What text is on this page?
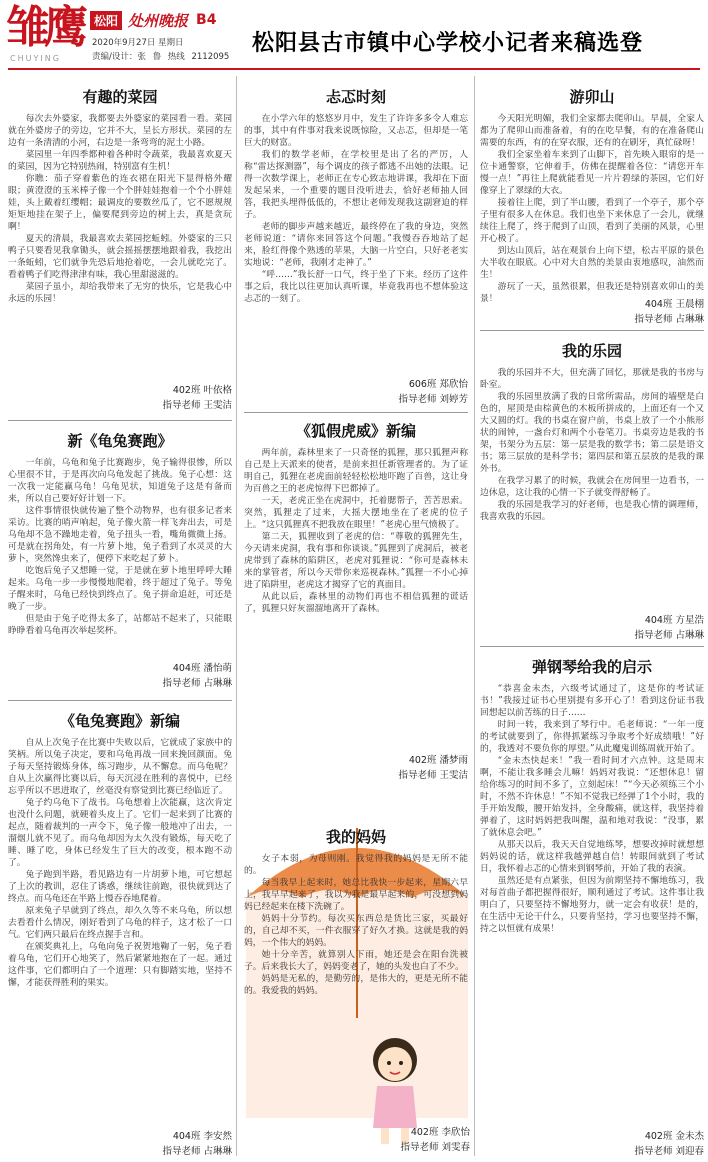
雏鹰
CHUYING
松阳 处州晚报 B4
2020年9月27日 星期日
责编/设计：张 鲁 热线 2112095
松阳县古市镇中心学校小记者来稿选登
有趣的菜园

每次去外婆家，我都要去外婆家的菜园看一看。菜园就在外婆房子的旁边，它并不大，呈长方形状。菜园的左边有一条清清的小河，右边是一条弯弯的泥土小路。

菜园里一年四季都种着各种时令蔬菜，我最喜欢夏天的菜园，因为它特别热闹，特别富有生机！

你瞧：茄子穿着紫色的连衣裙在阳光下显得格外耀眼；黄澄澄的玉米棒子像一个个胖娃娃抱着一个个小胖娃娃，头上戴着红缨帽；最调皮的要数丝瓜了，它不愿规规矩矩地挂在架子上，偏要爬到旁边的树上去，真是贪玩啊！

夏天的清晨，我最喜欢去菜园挖蚯蚓。外婆家的三只鸭子只要看见我拿锄头，就会摇摇摆摆地跟着我，我挖出一条蚯蚓，它们就争先恐后地抢着吃，一会儿就吃完了。看着鸭子们吃得津津有味，我心里甜滋滋的。

菜园子虽小，却给我带来了无穷的快乐，它是我心中永远的乐园！

402班 叶依格
指导老师 王雯洁
新《龟兔赛跑》

一年前，乌龟和兔子比赛跑步，兔子输得很惨，所以心里很不甘，于是再次向乌龟发起了挑战。兔子心想：这一次我一定能赢乌龟！乌龟见状，知道兔子这是有备而来，所以自己要好好计划一下。

这件事情很快就传遍了整个动物界，也有很多记者来采访。比赛的哨声响起，兔子像火箭一样飞奔出去，可是乌龟却不急不躁地走着，兔子扭头一看，嘴角微微上扬。可是就在拐角处，有一片萝卜地，兔子看到了水灵灵的大萝卜，突然馋虫来了，便停下来吃起了萝卜。

吃饱后兔子又想睡一觉，于是就在萝卜地里呼呼大睡起来。乌龟一步一步慢慢地爬着，终于超过了兔子。等兔子醒来时，乌龟已经快到终点了。兔子拼命追赶，可还是晚了一步。

但是由于兔子吃得太多了，站都站不起来了，只能眼睁睁看着乌龟再次举起奖杯。

404班 潘怡萌
指导老师 占琳琳
《龟兔赛跑》新编

自从上次兔子在比赛中失败以后，它就成了家族中的笑柄。所以兔子决定，要和乌龟再战一回来挽回颜面。兔子每天坚持锻炼身体，练习跑步，从不懈怠。而乌龟呢？自从上次赢得比赛以后，每天沉浸在胜利的喜悦中，已经忘乎所以不思进取了，丝毫没有察觉到比赛已经临近了。

兔子约乌龟下了战书。乌龟想着上次能赢，这次肯定也没什么问题，就硬着头皮上了。它们一起来到了比赛的起点，随着裁判的一声令下，兔子像一般地冲了出去，一溜烟儿就不见了。而乌龟却因为太久没有锻炼，每天吃了睡、睡了吃，身体已经发生了巨大的改变，根本跑不动了。

兔子跑到半路，看见路边有一片胡萝卜地，可它想起了上次的教训，忍住了诱惑，继续往前跑，很快就到达了终点。而乌龟还在半路上慢吞吞地爬着。

原来兔子早就到了终点，却久久等不来乌龟，所以想去看看什么情况，刚好看到了乌龟的样子，这才松了一口气。它们两只最后在终点握手言和。

在颁奖典礼上，乌龟向兔子祝贺地鞠了一躬，兔子看着乌龟，它们开心地笑了，然后紧紧地抱在了一起。通过这件事，它们都明白了一个道理：只有脚踏实地，坚持不懈，才能获得胜利的果实。

404班 李安然
指导老师 占琳琳
忐忑时刻

在小学六年的悠悠岁月中，发生了许许多多令人难忘的事，其中有件事对我来说既惊险，又忐忑，但却是一笔巨大的财富。

我们的数学老师，在学校里是出了名的严厉，人称“雷达探测器”，每个调皮的孩子都逃不出她的法眼。记得一次数学课上，老师正在专心致志地讲课，我却在下面发起呆来，一个重要的题目没听进去，恰好老师抽人回答，我把头埋得低低的，不想让老师发现我这副窘迫的样子。

老师的脚步声越来越近，最终停在了我的身边，突然老师说道：“请你来回答这个问题。”我慢吞吞地站了起来，脸红得像个熟透的苹果，大脑一片空白，只好老老实实地说：“老师，我刚才走神了。”

“呼……”我长舒一口气，终于坐了下来。经历了这件事之后，我比以往更加认真听课，毕竟我再也不想体验这忐忑的一刻了。

606班 郑欣怡
指导老师 刘婷芳
《狐假虎威》新编

两年前，森林里来了一只奇怪的狐狸，那只狐狸声称自己是上天派来的使者，是前来担任新管理者的。为了证明自己，狐狸在老虎面前轻轻松松地吓跑了百兽，这让身为百兽之王的老虎惊得下巴都掉了。

一天，老虎正坐在虎洞中，托着腮帮子，苦苦思索。突然，狐狸走了过来，大摇大摆地坐在了老虎的位子上。“这只狐狸真不把我放在眼里！”老虎心里气愤极了。

第二天，狐狸收到了老虎的信：“尊敬的狐狸先生，今天请来虎洞，我有事和你谈谈。”狐狸到了虎洞后，被老虎带到了森林的陷阱区，老虎对狐狸说：“你可是森林未来的掌管者，所以今天带你来巡视森林。”狐狸一不小心掉进了陷阱里，老虎这才揭穿了它的真面目。

从此以后，森林里的动物们再也不相信狐狸的谎话了，狐狸只好灰溜溜地离开了森林。

402班 潘梦雨
指导老师 王雯洁
我的妈妈

女子本弱，为母则刚。我觉得我的妈妈是无所不能的。

每当我早上起来时，她总比我快一步起来，星期六早上，我早早起来了，我以为我是最早起来的，可没想到妈妈已经起来在楼下洗碗了。

妈妈十分节约。每次买东西总是货比三家，买最好的，自己却不买，一件衣服穿了好久才换。这就是我的妈妈，一个伟大的妈妈。

她十分辛苦，就算别人下雨，她还是会在阳台洗被子。后来我长大了，妈妈变老了，她的头发也白了不少。

妈妈是无私的，是勤劳的，是伟大的，更是无所不能的。我爱我的妈妈。

402班 李欣怡
指导老师 刘雯春
游卯山

今天阳光明媚，我们全家都去爬卯山。早晨，全家人都为了爬卯山而准备着，有的在吃早餐，有的在准备爬山需要的东西，有的在穿衣服，还有的在刷牙，真忙碌呀！

我们全家坐着车来到了山脚下，首先映入眼帘的是一位卡通警察，它伸着手，仿佛在提醒着各位：“请您开车慢一点！”再往上爬就能看见一片片碧绿的茶园，它们好像穿上了翠绿的大衣。

接着往上爬，到了半山腰，看到了一个亭子，那个亭子里有很多人在休息。我们也坐下来休息了一会儿，就继续往上爬了，终于爬到了山顶，看到了美丽的风景，心里开心极了。

到达山顶后，站在观景台上向下望，松古平原的景色大半收在眼底。心中对大自然的美景由衷地感叹，油然而生！

游玩了一天，虽然很累，但我还是特别喜欢卯山的美景！	404班 王晨栩
指导老师 占琳琳
我的乐园

我的乐园并不大，但充满了回忆，那就是我的书房与卧室。

我的乐园里放满了我的日常所需品，房间的墙壁是白色的，屋顶是由棕黄色的木板所拼成的，上面还有一个又大又圆的灯。我的书桌在窗户前，书桌上放了一个小熊形状的闹钟，一盏台灯和两个小卷笔刀。书桌旁边是我的书架，书架分为五层：第一层是我的数学书；第二层是语文书；第三层放的是科学书；第四层和第五层放的是我的课外书。

在我学习累了的时候，我就会在房间里一边看书，一边休息，这让我的心情一下子就变得舒畅了。

我的乐园是我学习的好老师，也是我心情的调理师，我喜欢我的乐园。

404班 方星浩
指导老师 占琳琳
弹钢琴给我的启示

“恭喜金未杰，六级考试通过了，这是你的考试证书！”我接过证书心里别提有多开心了！看到这份证书我回想起以前苦练的日子……

时间一转，我来到了琴行中。毛老师说：“一年一度的考试就要到了，你得抓紧练习争取考个好成绩哦！”好的，我透对不要负你的厚望。”从此魔鬼训练周就开始了。

“金未杰快起来！”我一看时间才六点钟。这是周末啊，不能让我多睡会儿嘛！妈妈对我说：“还想休息！留给你练习的时间不多了，立刻起床！”“今天必须练三个小时，不然不许休息！”不知不觉我已经弹了1个小时，我的手开始发酸，腰开始发抖，全身酸痛，就这样，我坚持着弹着了，这时妈妈把我叫醒，温和地对我说：“没事，累了就休息会吧。”

从那天以后，我天天自觉地练琴，想要改掉时就想想妈妈说的话，就这样我越弹越自信！转眼间就到了考试日，我怀着忐忑的心情来到钢琴前，开始了我的表演。

虽然还是有点紧张，但因为前期坚持不懈地练习，我对每首曲子都把握得很好，顺利通过了考试。这件事让我明白了，只要坚持不懈地努力，就一定会有收获！是的，在生活中无论干什么，只要肯坚持，学习也要坚持不懈，持之以恒就有成果！

402班 金未杰
指导老师 刘迎春
